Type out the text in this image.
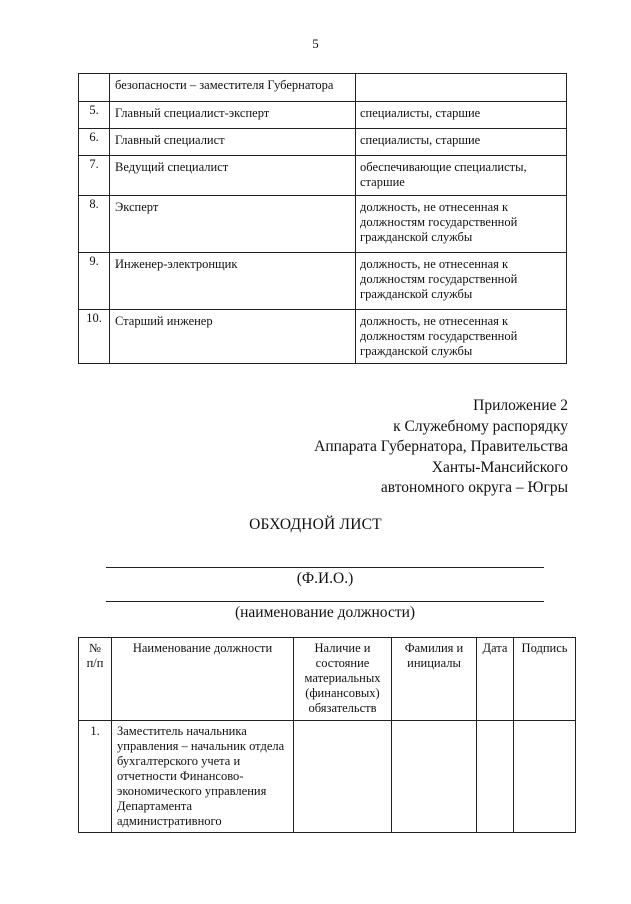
5
	безопасности – заместителя Губернатора	
5.	Главный специалист-эксперт	специалисты, старшие
6.	Главный специалист	специалисты, старшие
7.	Ведущий специалист	обеспечивающие специалисты, старшие
8.	Эксперт	должность, не отнесенная к должностям государственной гражданской службы
9.	Инженер-электронщик	должность, не отнесенная к должностям государственной гражданской службы
10.	Старший инженер	должность, не отнесенная к должностям государственной гражданской службы
Приложение 2
к Служебному распорядку
Аппарата Губернатора, Правительства
Ханты-Мансийского
автономного округа – Югры
ОБХОДНОЙ ЛИСТ
(Ф.И.О.)
(наименование должности)
№ п/п	Наименование должности	Наличие и состояние материальных (финансовых) обязательств	Фамилия и инициалы	Дата	Подпись
1.	Заместитель начальника управления – начальник отдела бухгалтерского учета и отчетности Финансово-экономического управления Департамента административного				
